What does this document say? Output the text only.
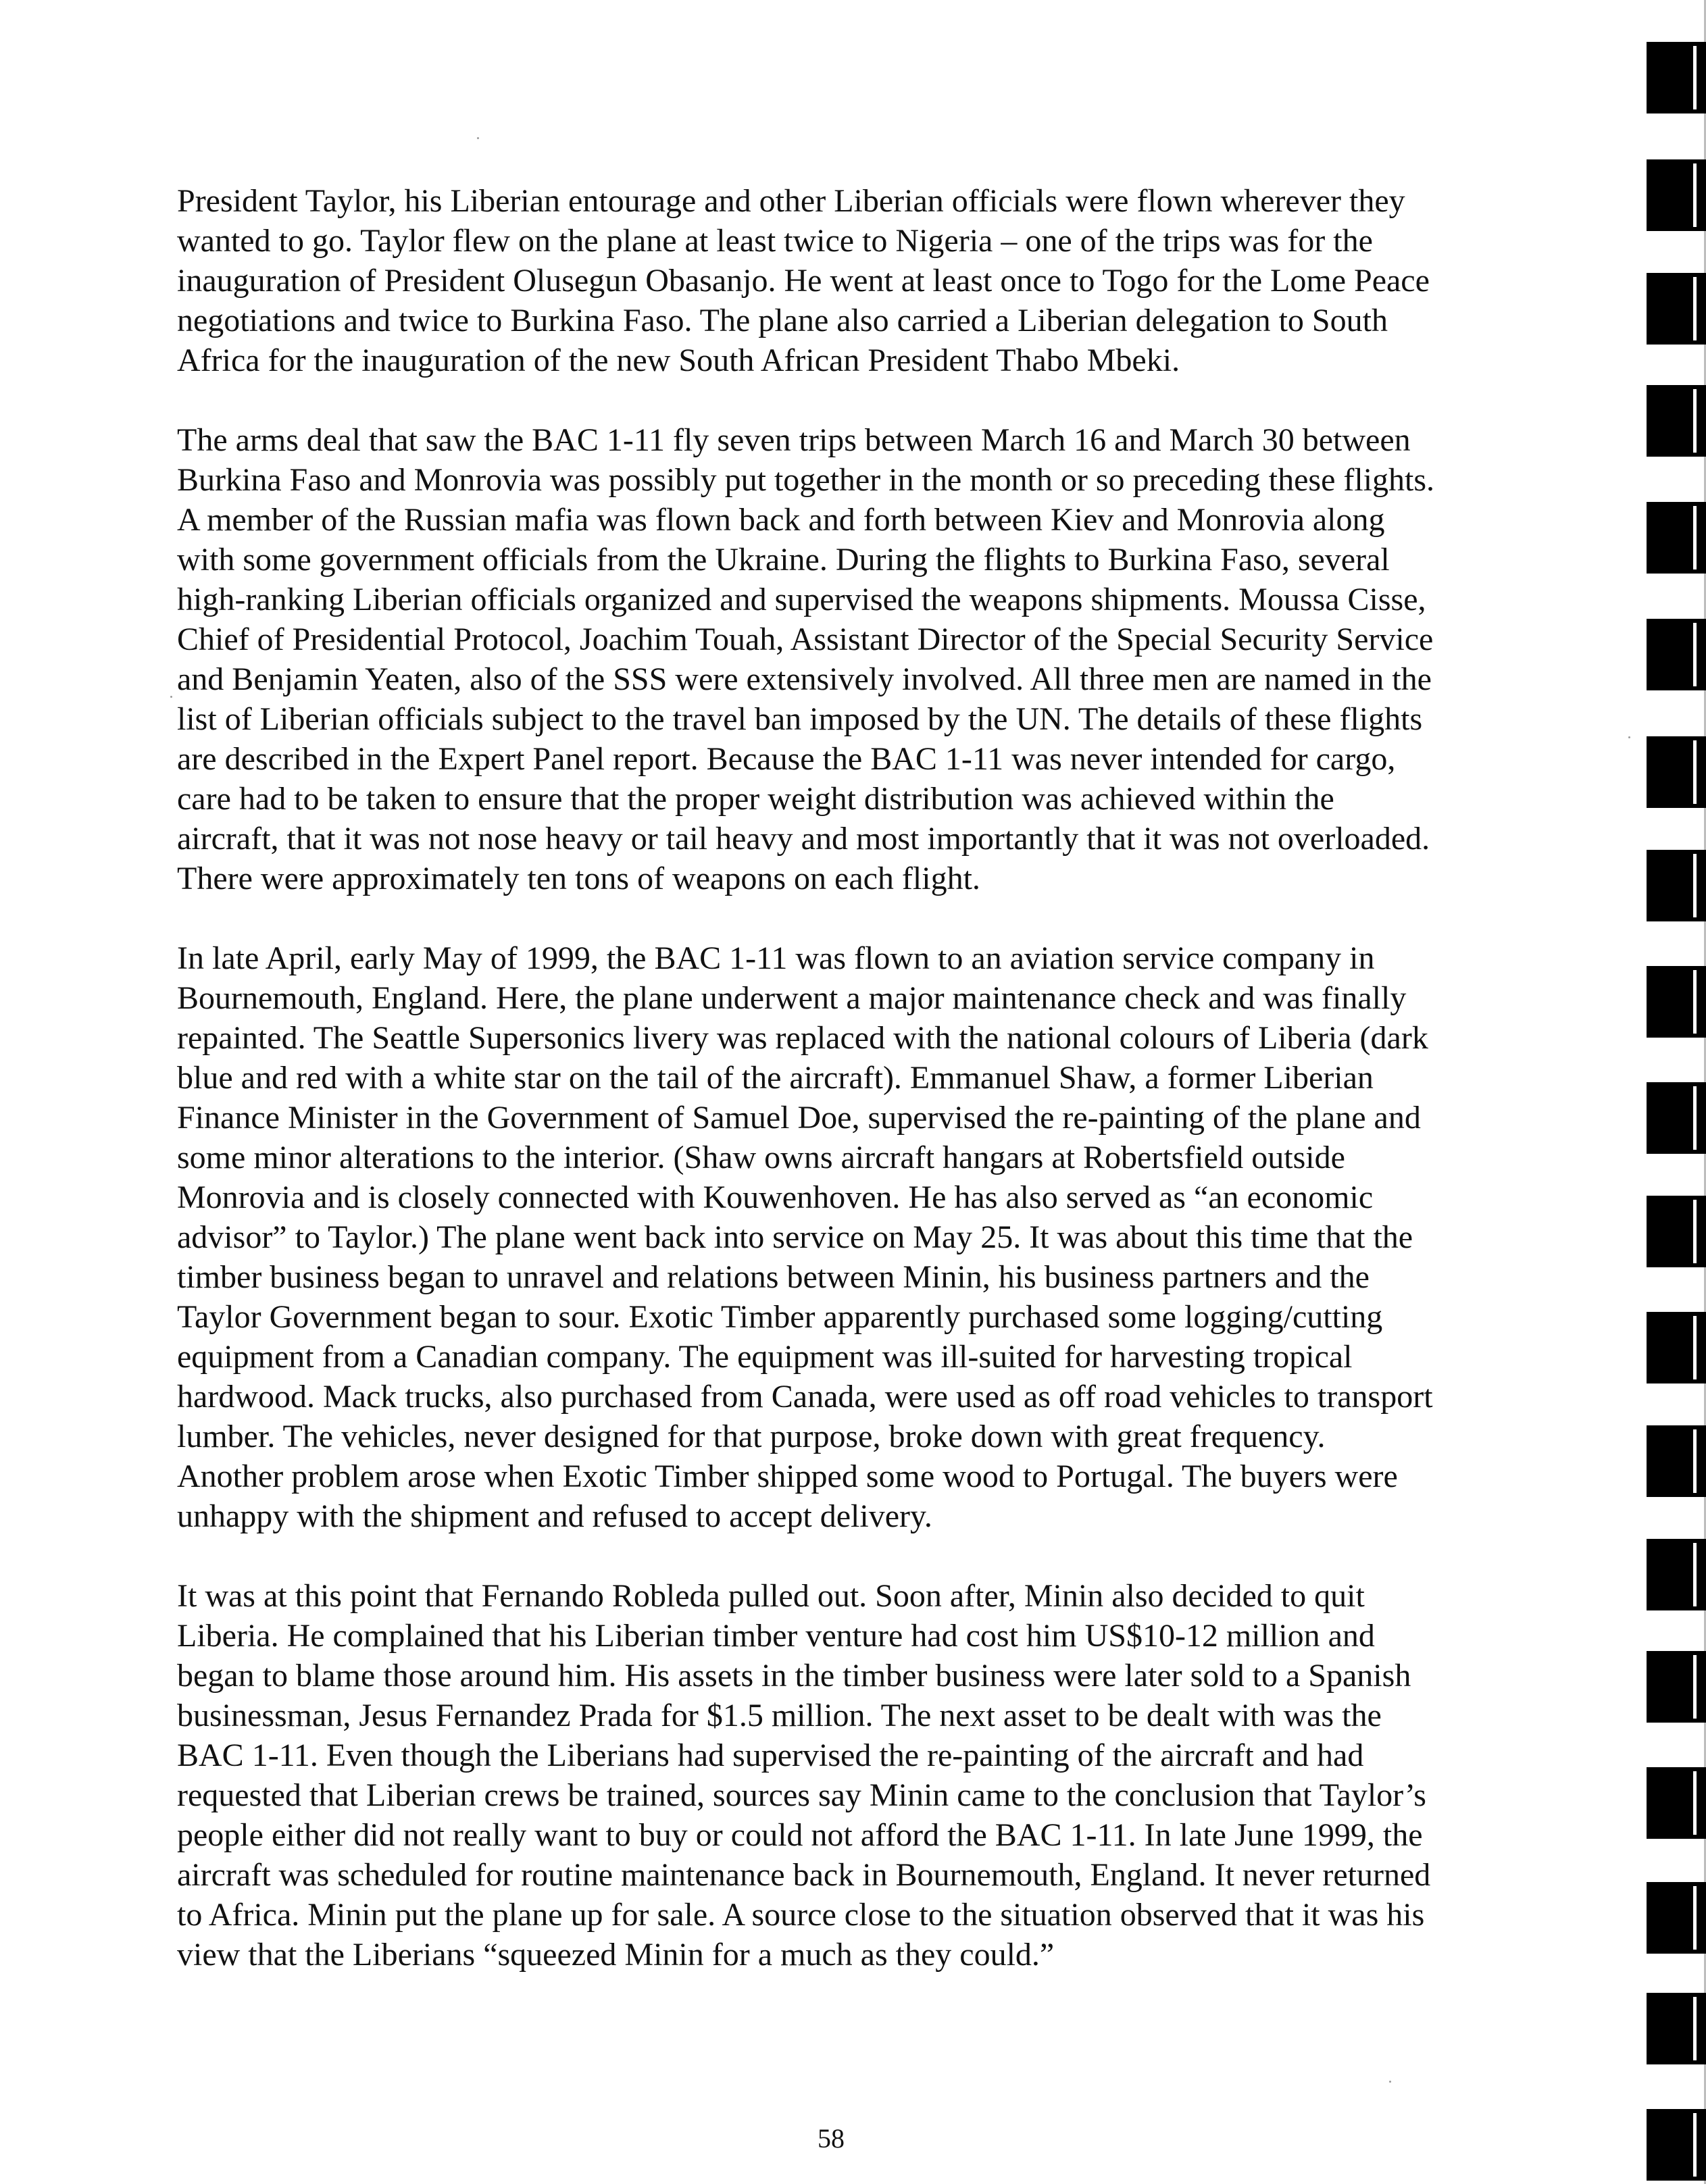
President Taylor, his Liberian entourage and other Liberian officials were flown wherever they
wanted to go. Taylor flew on the plane at least twice to Nigeria – one of the trips was for the
inauguration of President Olusegun Obasanjo. He went at least once to Togo for the Lome Peace
negotiations and twice to Burkina Faso. The plane also carried a Liberian delegation to South
Africa for the inauguration of the new South African President Thabo Mbeki.
The arms deal that saw the BAC 1-11 fly seven trips between March 16 and March 30 between
Burkina Faso and Monrovia was possibly put together in the month or so preceding these flights.
A member of the Russian mafia was flown back and forth between Kiev and Monrovia along
with some government officials from the Ukraine. During the flights to Burkina Faso, several
high-ranking Liberian officials organized and supervised the weapons shipments. Moussa Cisse,
Chief of Presidential Protocol, Joachim Touah, Assistant Director of the Special Security Service
and Benjamin Yeaten, also of the SSS were extensively involved. All three men are named in the
list of Liberian officials subject to the travel ban imposed by the UN. The details of these flights
are described in the Expert Panel report. Because the BAC 1-11 was never intended for cargo,
care had to be taken to ensure that the proper weight distribution was achieved within the
aircraft, that it was not nose heavy or tail heavy and most importantly that it was not overloaded.
There were approximately ten tons of weapons on each flight.
In late April, early May of 1999, the BAC 1-11 was flown to an aviation service company in
Bournemouth, England. Here, the plane underwent a major maintenance check and was finally
repainted. The Seattle Supersonics livery was replaced with the national colours of Liberia (dark
blue and red with a white star on the tail of the aircraft). Emmanuel Shaw, a former Liberian
Finance Minister in the Government of Samuel Doe, supervised the re-painting of the plane and
some minor alterations to the interior. (Shaw owns aircraft hangars at Robertsfield outside
Monrovia and is closely connected with Kouwenhoven. He has also served as “an economic
advisor” to Taylor.) The plane went back into service on May 25. It was about this time that the
timber business began to unravel and relations between Minin, his business partners and the
Taylor Government began to sour. Exotic Timber apparently purchased some logging/cutting
equipment from a Canadian company. The equipment was ill-suited for harvesting tropical
hardwood. Mack trucks, also purchased from Canada, were used as off road vehicles to transport
lumber. The vehicles, never designed for that purpose, broke down with great frequency.
Another problem arose when Exotic Timber shipped some wood to Portugal. The buyers were
unhappy with the shipment and refused to accept delivery.
It was at this point that Fernando Robleda pulled out. Soon after, Minin also decided to quit
Liberia. He complained that his Liberian timber venture had cost him US$10-12 million and
began to blame those around him. His assets in the timber business were later sold to a Spanish
businessman, Jesus Fernandez Prada for $1.5 million. The next asset to be dealt with was the
BAC 1-11. Even though the Liberians had supervised the re-painting of the aircraft and had
requested that Liberian crews be trained, sources say Minin came to the conclusion that Taylor’s
people either did not really want to buy or could not afford the BAC 1-11. In late June 1999, the
aircraft was scheduled for routine maintenance back in Bournemouth, England. It never returned
to Africa. Minin put the plane up for sale. A source close to the situation observed that it was his
view that the Liberians “squeezed Minin for a much as they could.”
58
